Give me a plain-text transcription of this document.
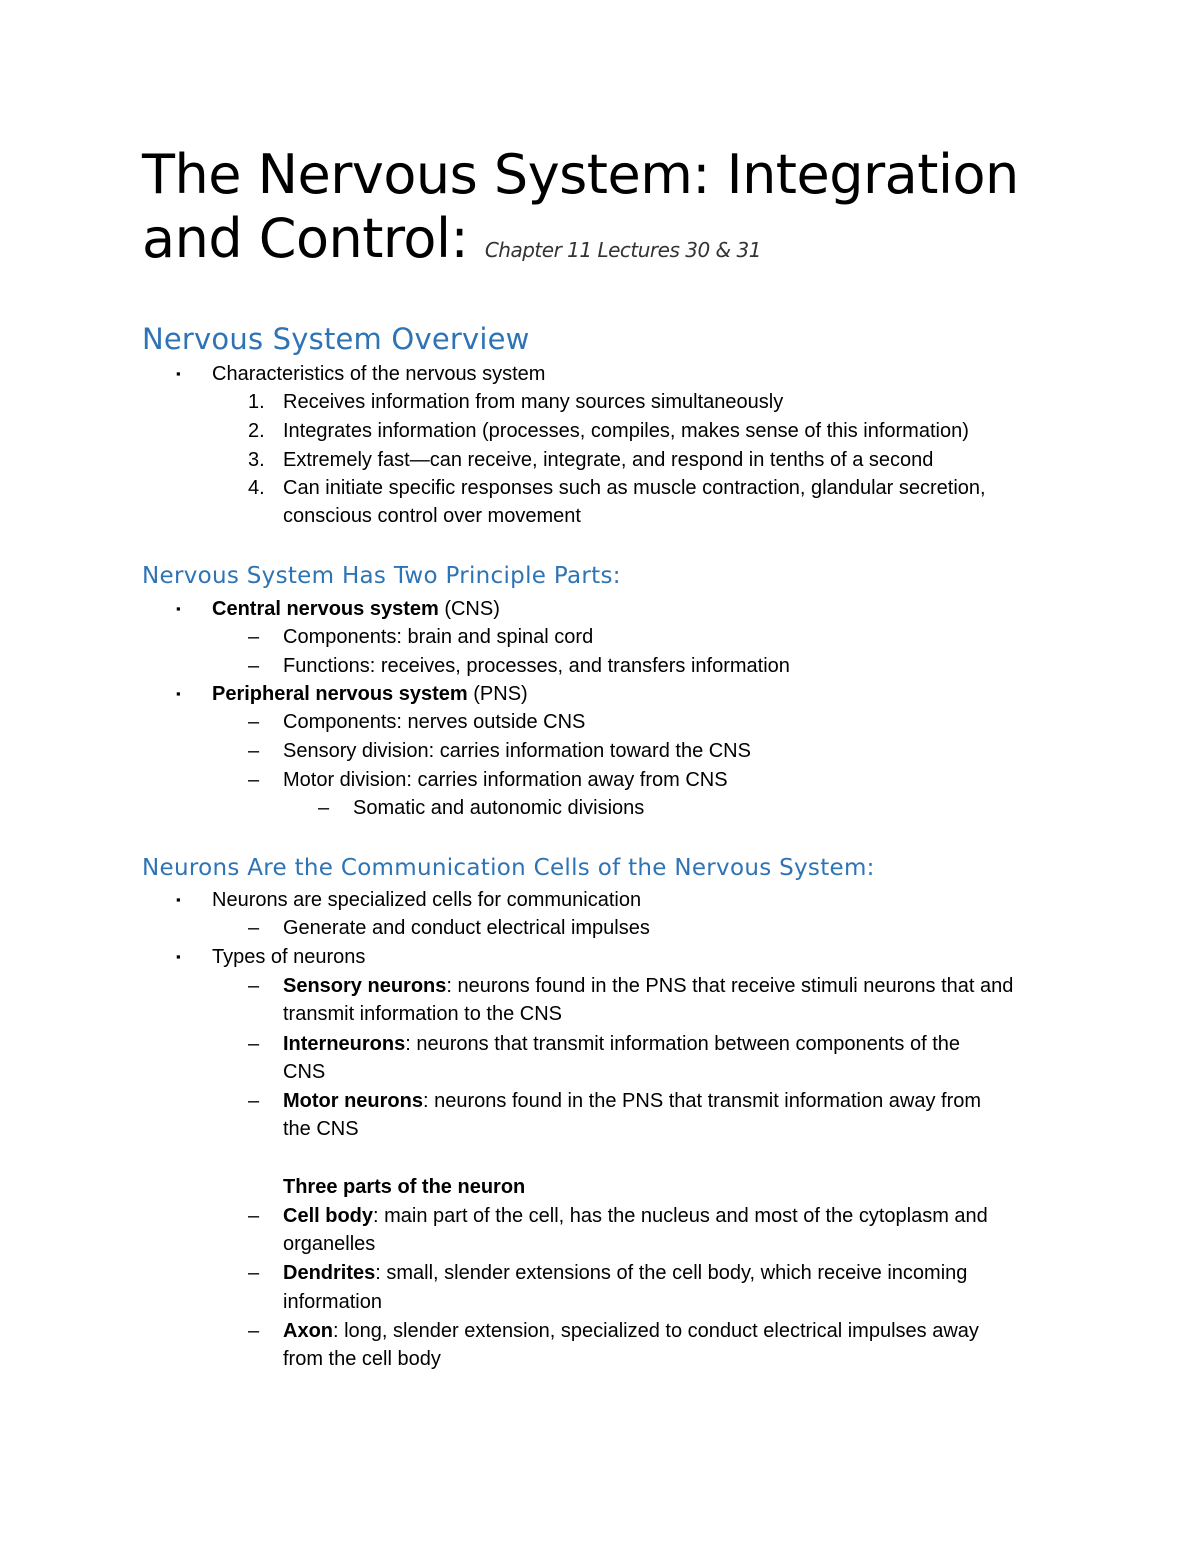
The Nervous System: Integration
and Control: Chapter 11 Lectures 30 & 31
Nervous System Overview
▪ Characteristics of the nervous system
1. Receives information from many sources simultaneously
2. Integrates information (processes, compiles, makes sense of this information)
3. Extremely fast—can receive, integrate, and respond in tenths of a second
4. Can initiate specific responses such as muscle contraction, glandular secretion,
conscious control over movement
Nervous System Has Two Principle Parts:
▪ Central nervous system (CNS)
– Components: brain and spinal cord
– Functions: receives, processes, and transfers information
▪ Peripheral nervous system (PNS)
– Components: nerves outside CNS
– Sensory division: carries information toward the CNS
– Motor division: carries information away from CNS
– Somatic and autonomic divisions
Neurons Are the Communication Cells of the Nervous System:
▪ Neurons are specialized cells for communication
– Generate and conduct electrical impulses
▪ Types of neurons
– Sensory neurons: neurons found in the PNS that receive stimuli neurons that and
transmit information to the CNS
– Interneurons: neurons that transmit information between components of the
CNS
– Motor neurons: neurons found in the PNS that transmit information away from
the CNS
Three parts of the neuron
– Cell body: main part of the cell, has the nucleus and most of the cytoplasm and
organelles
– Dendrites: small, slender extensions of the cell body, which receive incoming
information
– Axon: long, slender extension, specialized to conduct electrical impulses away
from the cell body
